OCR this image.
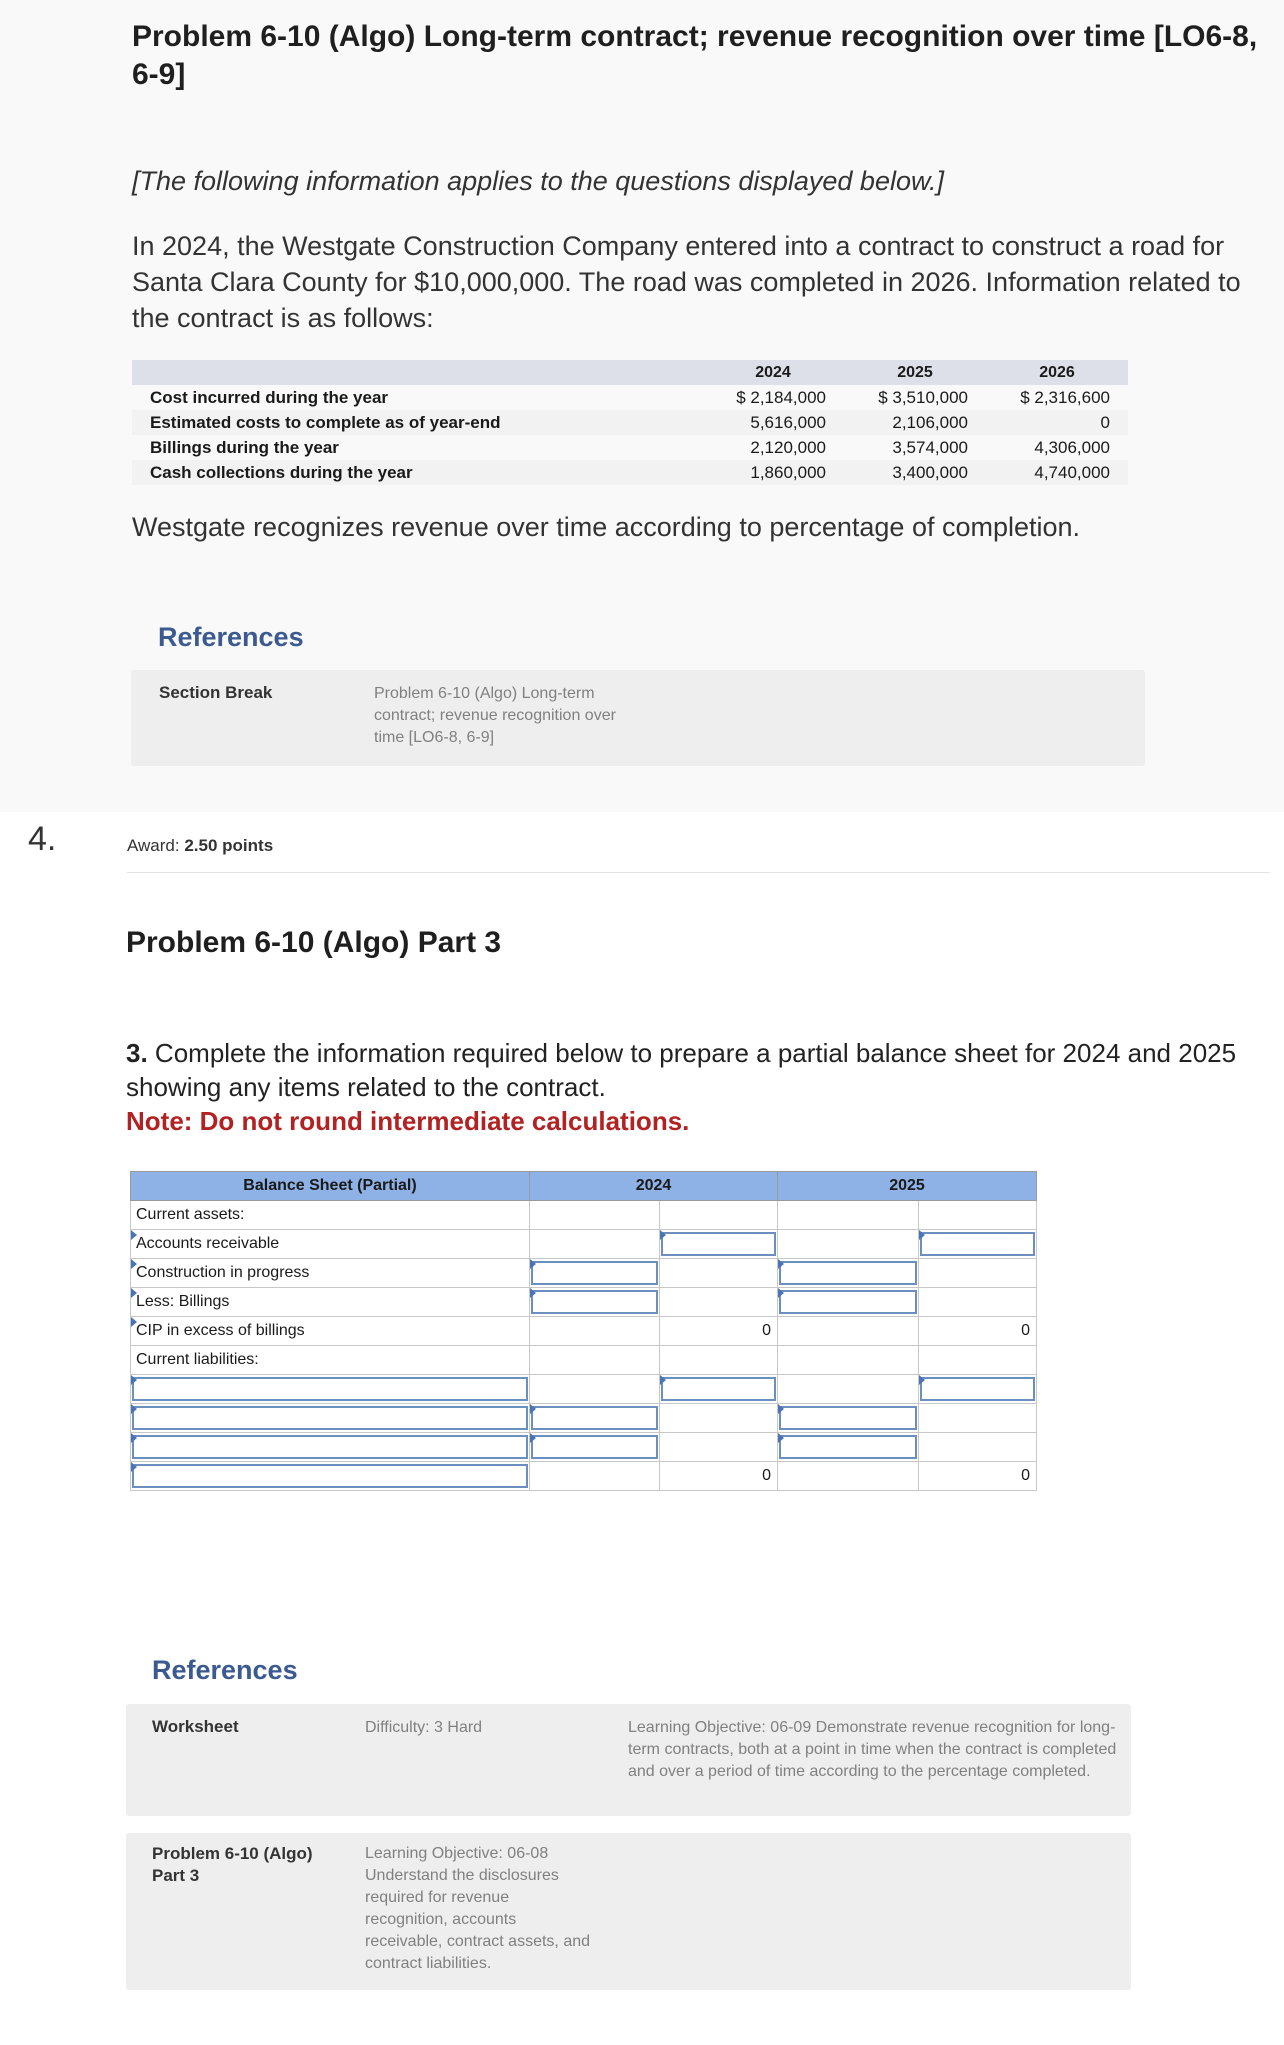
Problem 6-10 (Algo) Long-term contract; revenue recognition over time [LO6-8, 6-9]
[The following information applies to the questions displayed below.]
In 2024, the Westgate Construction Company entered into a contract to construct a road for Santa Clara County for $10,000,000. The road was completed in 2026. Information related to the contract is as follows:
	2024	2025	2026
Cost incurred during the year	$ 2,184,000	$ 3,510,000	$ 2,316,600
Estimated costs to complete as of year-end	5,616,000	2,106,000	0
Billings during the year	2,120,000	3,574,000	4,306,000
Cash collections during the year	1,860,000	3,400,000	4,740,000
Westgate recognizes revenue over time according to percentage of completion.
References
Section Break	Problem 6-10 (Algo) Long-term contract; revenue recognition over time [LO6-8, 6-9]
4.	Award: 2.50 points
Problem 6-10 (Algo) Part 3
3. Complete the information required below to prepare a partial balance sheet for 2024 and 2025 showing any items related to the contract.
Note: Do not round intermediate calculations.
Balance Sheet (Partial)	2024		2025	
Current assets:				

Accounts receivable		

Construction in progress	

Less: Billings	

CIP in excess of billings		0		0
Current liabilities:				

		0		0
References
Worksheet	Difficulty: 3 Hard	Learning Objective: 06-09 Demonstrate revenue recognition for long-term contracts, both at a point in time when the contract is completed and over a period of time according to the percentage completed.
Problem 6-10 (Algo) Part 3
Learning Objective: 06-08 Understand the disclosures required for revenue recognition, accounts receivable, contract assets, and contract liabilities.
